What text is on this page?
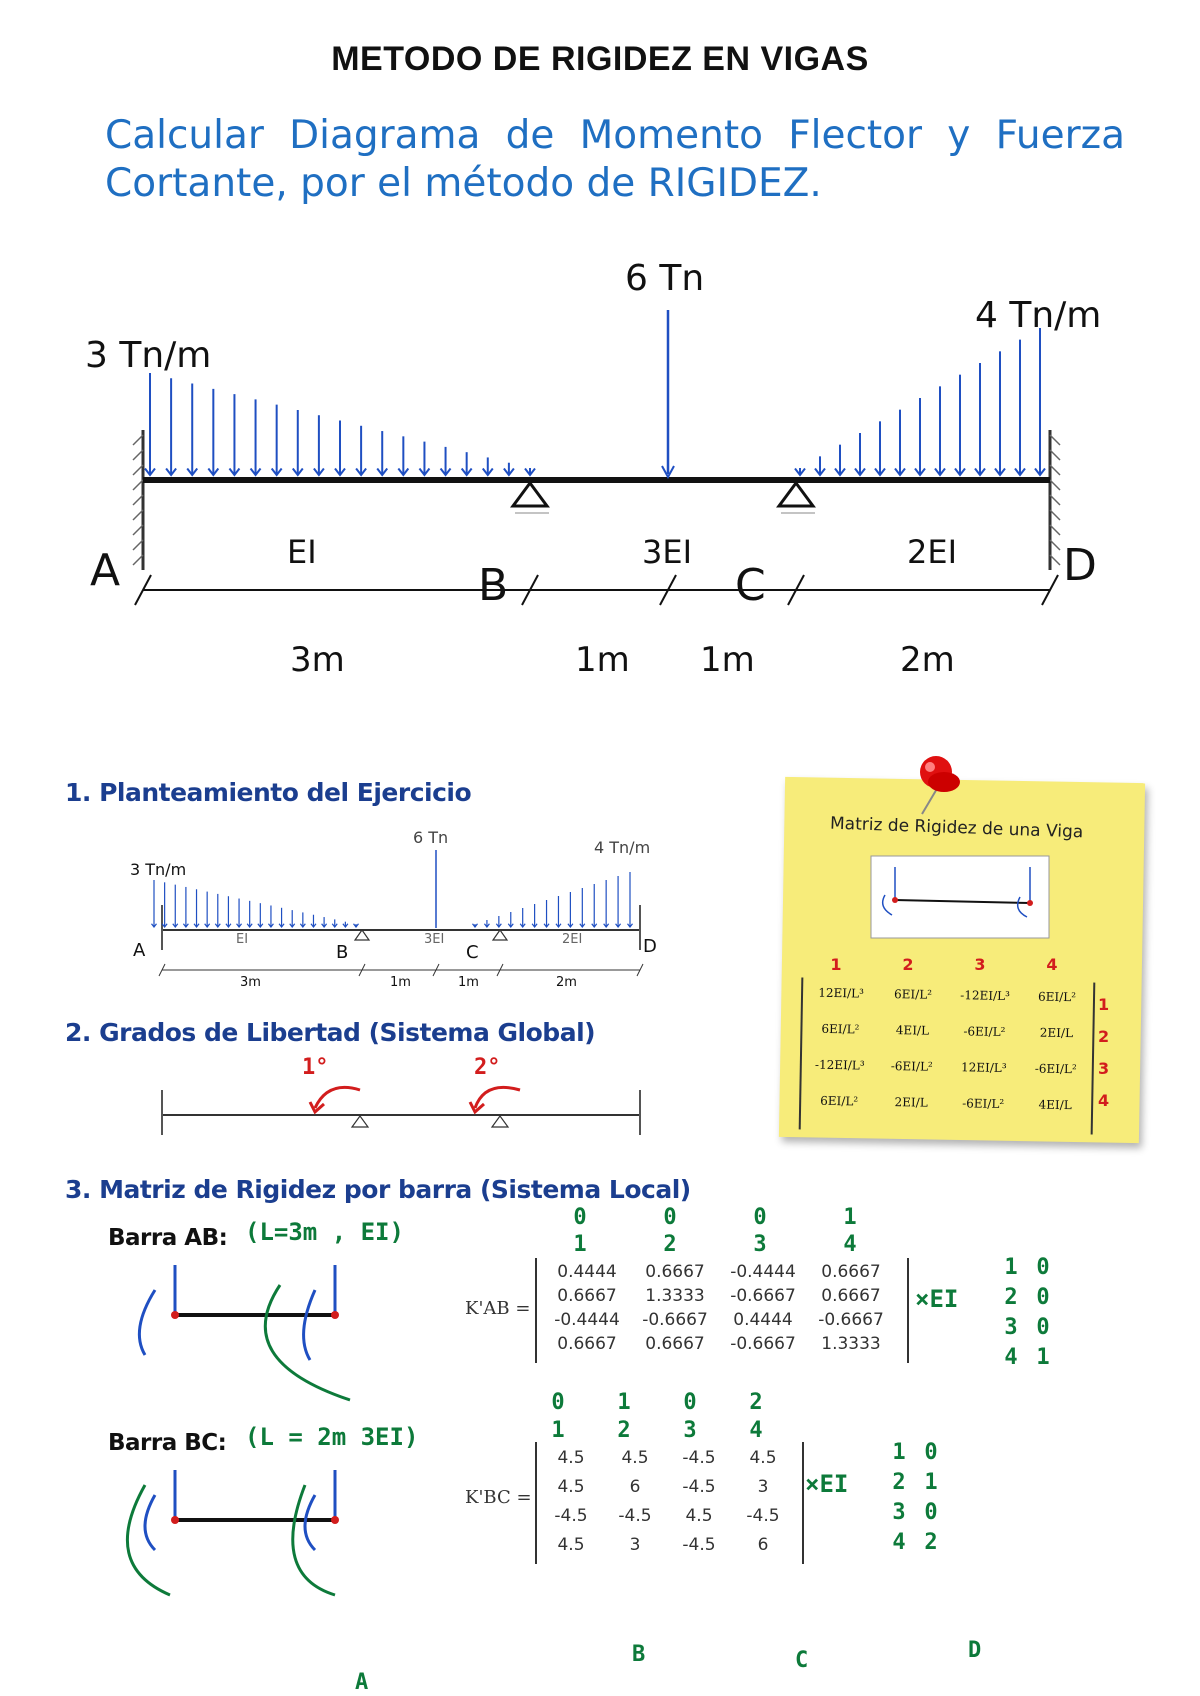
METODO DE RIGIDEZ EN VIGAS
Calcular Diagrama de Momento Flector y Fuerza Cortante, por el método de RIGIDEZ.
3 Tn/m
6 Tn
4 Tn/m
A	B	C	D
EI	3EI	2EI
3m	1m 1m	2m
1. Planteamiento del Ejercicio
3 Tn/m
6 Tn
4 Tn/m
A	B	C	D
EI	3EI	2EI
3m	1m	1m	2m
2. Grados de Libertad (Sistema Global)
1°	2°
Matriz de Rigidez de una Viga
1	2	3	4
12EI/L³	6EI/L²	-12EI/L³	6EI/L²
6EI/L²	4EI/L	-6EI/L²	2EI/L
-12EI/L³	-6EI/L²	12EI/L³	-6EI/L²
6EI/L²	2EI/L	-6EI/L²	4EI/L
1
2
3
4
3. Matriz de Rigidez por barra (Sistema Local)
Barra AB: (L=3m , EI)
K'AB =
0	0	0	1
1	2	3	4
0.4444	0.6667	-0.4444	0.6667
0.6667	1.3333	-0.6667	0.6667
-0.4444	-0.6667	0.4444	-0.6667
0.6667	0.6667	-0.6667	1.3333
×EI
1 0
2 0
3 0
4 1
Barra BC: (L = 2m 3EI)
K'BC =
0	1	0	2
1	2	3	4
4.5	4.5	-4.5	4.5
4.5	6	-4.5	3
-4.5	-4.5	4.5	-4.5
4.5	3	-4.5	6
×EI
1 0
2 1
3 0
4 2
A
B	C	D
